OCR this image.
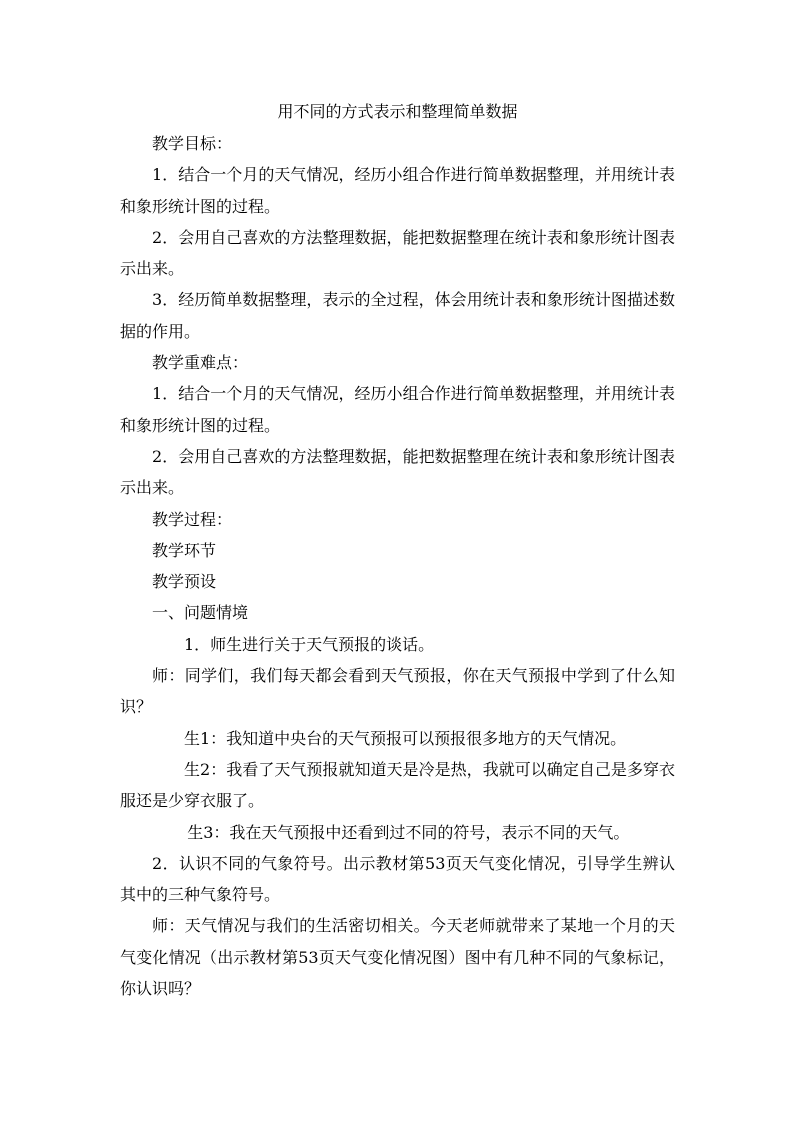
用不同的方式表示和整理简单数据

教学目标：

1．结合一个月的天气情况，经历小组合作进行简单数据整理，并用统计表和象形统计图的过程。

2．会用自己喜欢的方法整理数据，能把数据整理在统计表和象形统计图表示出来。

3．经历简单数据整理，表示的全过程，体会用统计表和象形统计图描述数据的作用。

教学重难点：

1．结合一个月的天气情况，经历小组合作进行简单数据整理，并用统计表和象形统计图的过程。

2．会用自己喜欢的方法整理数据，能把数据整理在统计表和象形统计图表示出来。

教学过程：

教学环节

教学预设

一、问题情境

1．师生进行关于天气预报的谈话。

师：同学们，我们每天都会看到天气预报，你在天气预报中学到了什么知识？

生1：我知道中央台的天气预报可以预报很多地方的天气情况。

生2：我看了天气预报就知道天是冷是热，我就可以确定自己是多穿衣服还是少穿衣服了。

生3：我在天气预报中还看到过不同的符号，表示不同的天气。

2．认识不同的气象符号。出示教材第53页天气变化情况，引导学生辨认其中的三种气象符号。

师：天气情况与我们的生活密切相关。今天老师就带来了某地一个月的天气变化情况（出示教材第53页天气变化情况图）图中有几种不同的气象标记，你认识吗？
